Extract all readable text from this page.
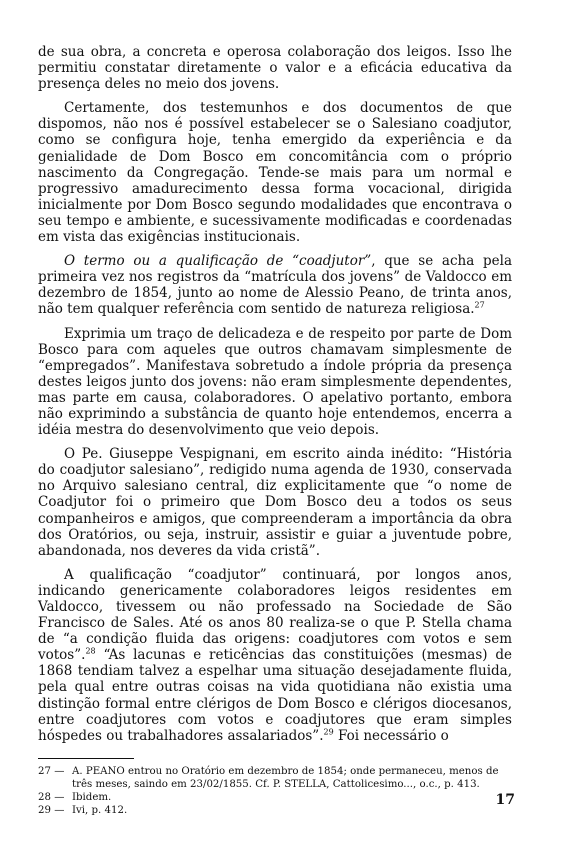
de sua obra, a concreta e operosa colaboração dos leigos. Isso lhe permitiu constatar diretamente o valor e a eficácia educativa da presença deles no meio dos jovens.

Certamente, dos testemunhos e dos documentos de que dispomos, não nos é possível estabelecer se o Salesiano coadjutor, como se configura hoje, tenha emergido da experiência e da genialidade de Dom Bosco em concomitância com o próprio nascimento da Congregação. Tende-se mais para um normal e progressivo amadurecimento dessa forma vocacional, dirigida inicialmente por Dom Bosco segundo modalidades que encontrava o seu tempo e ambiente, e sucessivamente modificadas e coordenadas em vista das exigências institucionais.

O termo ou a qualificação de “coadjutor”, que se acha pela primeira vez nos registros da “matrícula dos jovens” de Valdocco em dezembro de 1854, junto ao nome de Alessio Peano, de trinta anos, não tem qualquer referência com sentido de natureza religiosa.$^{27}$

Exprimia um traço de delicadeza e de respeito por parte de Dom Bosco para com aqueles que outros chamavam simplesmente de “empregados”. Manifestava sobretudo a índole própria da presença destes leigos junto dos jovens: não eram simplesmente dependentes, mas parte em causa, colaboradores. O apelativo portanto, embora não exprimindo a substância de quanto hoje entendemos, encerra a idéia mestra do desenvolvimento que veio depois.

O Pe. Giuseppe Vespignani, em escrito ainda inédito: “História do coadjutor salesiano”, redigido numa agenda de 1930, conservada no Arquivo salesiano central, diz explicitamente que “o nome de Coadjutor foi o primeiro que Dom Bosco deu a todos os seus companheiros e amigos, que compreenderam a importância da obra dos Oratórios, ou seja, instruir, assistir e guiar a juventude pobre, abandonada, nos deveres da vida cristã”.

A qualificação “coadjutor” continuará, por longos anos, indicando genericamente colaboradores leigos residentes em Valdocco, tivessem ou não professado na Sociedade de São Francisco de Sales. Até os anos 80 realiza-se o que P. Stella chama de “a condição fluida das origens: coadjutores com votos e sem votos”.$^{28}$ “As lacunas e reticências das constituições (mesmas) de 1868 tendiam talvez a espelhar uma situação desejadamente fluida, pela qual entre outras coisas na vida quotidiana não existia uma distinção formal entre clérigos de Dom Bosco e clérigos diocesanos, entre coadjutores com votos e coadjutores que eram simples hóspedes ou trabalhadores assalariados”.$^{29}$ Foi necessário o

27 — A. PEANO entrou no Oratório em dezembro de 1854; onde permaneceu, menos de três meses, saindo em 23/02/1855. Cf. P. STELLA, Cattolicesimo..., o.c., p. 413.
28 — Ibidem.
29 — Ivi, p. 412.
17
